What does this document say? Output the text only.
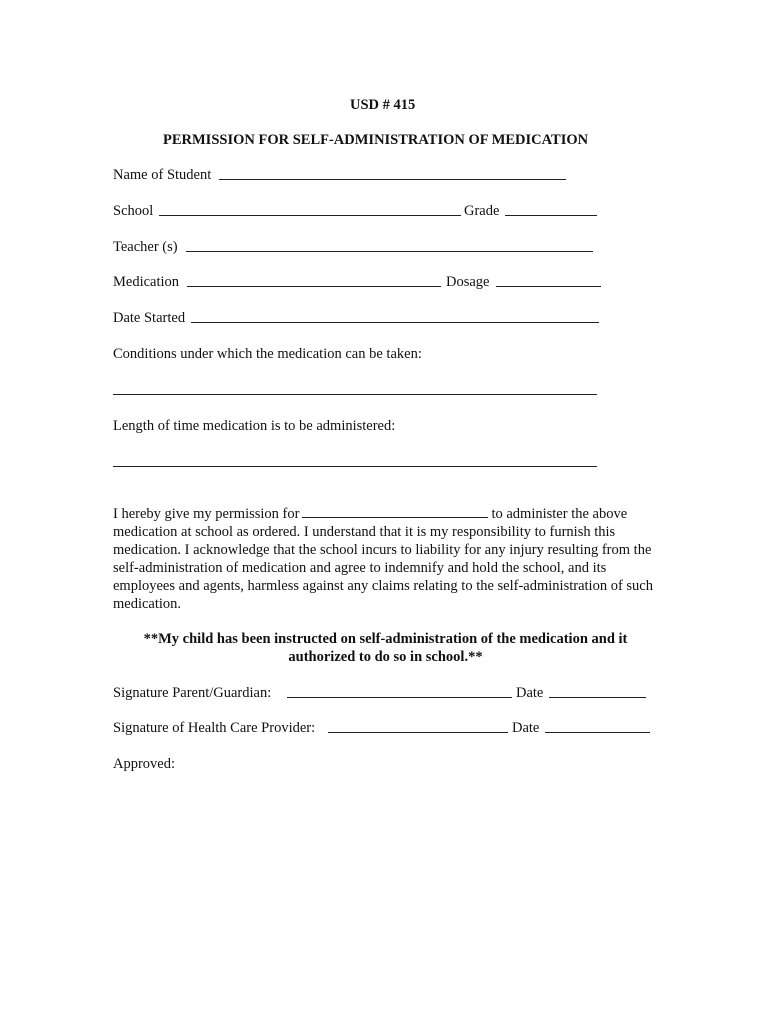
USD # 415
PERMISSION FOR SELF-ADMINISTRATION OF MEDICATION
Name of Student
School	Grade
Teacher (s)
Medication	Dosage
Date Started
Conditions under which the medication can be taken:
Length of time medication is to be administered:
I hereby give my permission for	to administer the above medication at school as ordered. I understand that it is my responsibility to furnish this medication. I acknowledge that the school incurs to liability for any injury resulting from the self-administration of medication and agree to indemnify and hold the school, and its employees and agents, harmless against any claims relating to the self-administration of such medication.
**My child has been instructed on self-administration of the medication and it authorized to do so in school.**
Signature Parent/Guardian:	Date
Signature of Health Care Provider:	Date
Approved:
